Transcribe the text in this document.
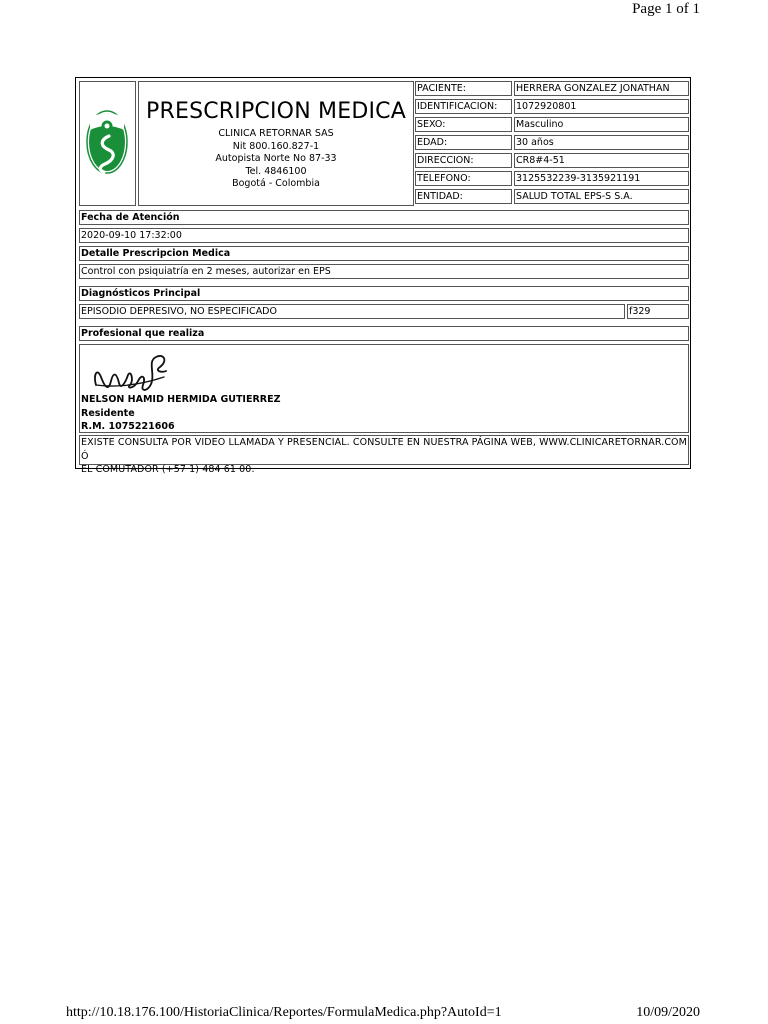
Page 1 of 1
PRESCRIPCION MEDICA
CLINICA RETORNAR SAS
Nit 800.160.827-1
Autopista Norte No 87-33
Tel. 4846100
Bogotá - Colombia
PACIENTE:	HERRERA GONZALEZ JONATHAN
IDENTIFICACION:	1072920801
SEXO:	Masculino
EDAD:	30 años
DIRECCION:	CR8#4-51
TELEFONO:	3125532239-3135921191
ENTIDAD:	SALUD TOTAL EPS-S S.A.
Fecha de Atención
2020-09-10 17:32:00
Detalle Prescripcion Medica
Control con psiquiatría en 2 meses, autorizar en EPS
Diagnósticos Principal
EPISODIO DEPRESIVO, NO ESPECIFICADO	f329
Profesional que realiza
NELSON HAMID HERMIDA GUTIERREZ
Residente
R.M. 1075221606
EXISTE CONSULTA POR VIDEO LLAMADA Y PRESENCIAL. CONSULTE EN NUESTRA PÁGINA WEB, WWW.CLINICARETORNAR.COM Ó
EL COMUTADOR (+57 1) 484 61 00.
http://10.18.176.100/HistoriaClinica/Reportes/FormulaMedica.php?AutoId=1	10/09/2020
